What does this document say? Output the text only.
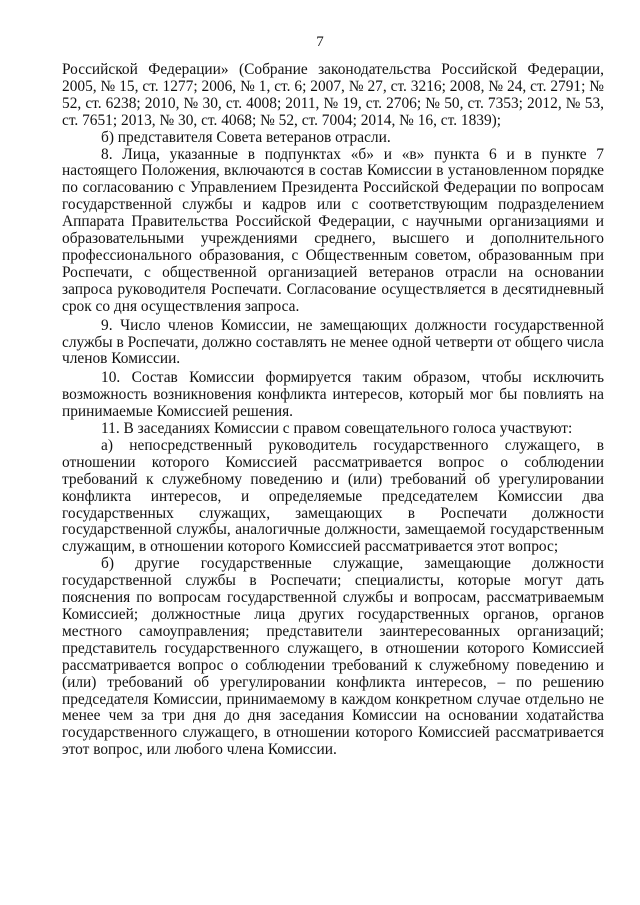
7

Российской Федерации» (Собрание законодательства Российской Федерации, 2005, № 15, ст. 1277; 2006, № 1, ст. 6; 2007, № 27, ст. 3216; 2008, № 24, ст. 2791; № 52, ст. 6238; 2010, № 30, ст. 4008; 2011, № 19, ст. 2706; № 50, ст. 7353; 2012, № 53, ст. 7651; 2013, № 30, ст. 4068; № 52, ст. 7004; 2014, № 16, ст. 1839);

б) представителя Совета ветеранов отрасли.

8. Лица, указанные в подпунктах «б» и «в» пункта 6 и в пункте 7 настоящего Положения, включаются в состав Комиссии в установленном порядке по согласованию с Управлением Президента Российской Федерации по вопросам государственной службы и кадров или с соответствующим подразделением Аппарата Правительства Российской Федерации, с научными организациями и образовательными учреждениями среднего, высшего и дополнительного профессионального образования, с Общественным советом, образованным при Роспечати, с общественной организацией ветеранов отрасли на основании запроса руководителя Роспечати. Согласование осуществляется в десятидневный срок со дня осуществления запроса.

9. Число членов Комиссии, не замещающих должности государственной службы в Роспечати, должно составлять не менее одной четверти от общего числа членов Комиссии.

10. Состав Комиссии формируется таким образом, чтобы исключить возможность возникновения конфликта интересов, который мог бы повлиять на принимаемые Комиссией решения.

11. В заседаниях Комиссии с правом совещательного голоса участвуют:

а) непосредственный руководитель государственного служащего, в отношении которого Комиссией рассматривается вопрос о соблюдении требований к служебному поведению и (или) требований об урегулировании конфликта интересов, и определяемые председателем Комиссии два государственных служащих, замещающих в Роспечати должности государственной службы, аналогичные должности, замещаемой государственным служащим, в отношении которого Комиссией рассматривается этот вопрос;

б) другие государственные служащие, замещающие должности государственной службы в Роспечати; специалисты, которые могут дать пояснения по вопросам государственной службы и вопросам, рассматриваемым Комиссией; должностные лица других государственных органов, органов местного самоуправления; представители заинтересованных организаций; представитель государственного служащего, в отношении которого Комиссией рассматривается вопрос о соблюдении требований к служебному поведению и (или) требований об урегулировании конфликта интересов, – по решению председателя Комиссии, принимаемому в каждом конкретном случае отдельно не менее чем за три дня до дня заседания Комиссии на основании ходатайства государственного служащего, в отношении которого Комиссией рассматривается этот вопрос, или любого члена Комиссии.
